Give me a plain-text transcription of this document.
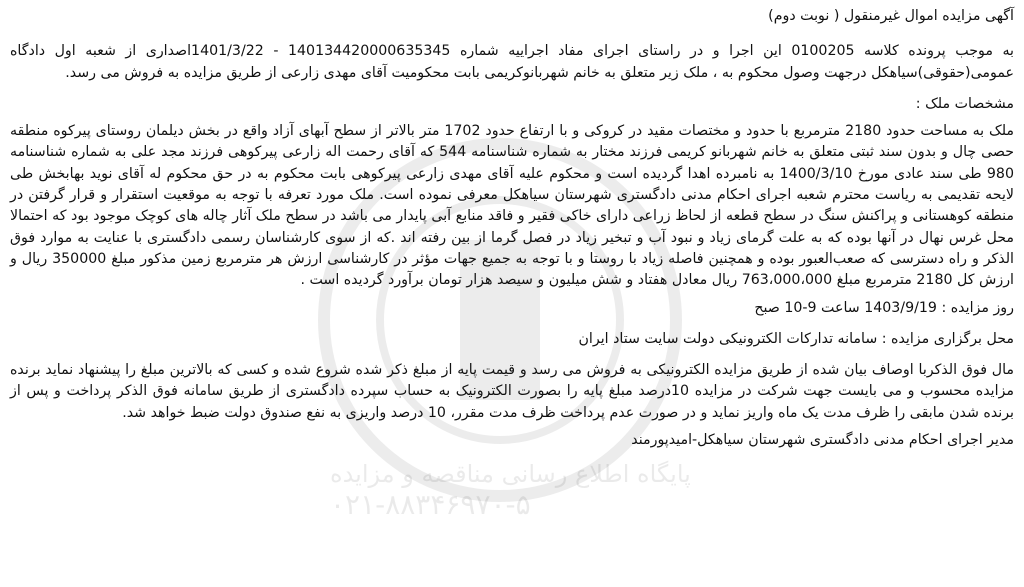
پایگاه اطلاع رسانی مناقصه و مزایده
۰۲۱-۸۸۳۴۶۹۷۰-۵

آگهی مزایده اموال غیرمنقول ( نوبت دوم)

به موجب پرونده کلاسه 0100205 این اجرا و در راستای اجرای مفاد اجراییه شماره 140134420000635345 - 1401/3/22اصداری از شعبه اول دادگاه عمومی(حقوقی)سیاهکل درجهت وصول محکوم به ، ملک زیر متعلق به خانم شهربانوکریمی بابت محکومیت آقای مهدی زارعی از طریق مزایده به فروش می رسد.

مشخصات ملک :

ملک به مساحت حدود 2180 مترمربع با حدود و مختصات مقید در کروکی و با ارتفاع حدود 1702 متر بالاتر از سطح آبهای آزاد واقع در بخش دیلمان روستای پیرکوه منطقه حصی چال و بدون سند ثبتی متعلق به خانم شهربانو کریمی فرزند مختار به شماره شناسنامه 544 که آقای رحمت اله زارعی پیرکوهی فرزند مجد علی به شماره شناسنامه 980 طی سند عادی مورخ 1400/3/10 به نامبرده اهدا گردیده است و محکوم علیه آقای مهدی زارعی پیرکوهی بابت محکوم به در حق محکوم له آقای نوید بهابخش طی لایحه تقدیمی به ریاست محترم شعبه اجرای احکام مدنی دادگستری شهرستان سیاهکل معرفی نموده است. ملک مورد تعرفه با توجه به موقعیت استقرار و قرار گرفتن در منطقه کوهستانی و پراکنش سنگ در سطح قطعه از لحاظ زراعی دارای خاکی فقیر و فاقد منابع آبی پایدار می باشد در سطح ملک آثار چاله های کوچک موجود بود که احتمالا محل غرس نهال در آنها بوده که به علت گرمای زیاد و نبود آب و تبخیر زیاد در فصل گرما از بین رفته اند .که از سوی کارشناسان رسمی دادگستری با عنایت به موارد فوق الذکر و راه دسترسی که صعب‌العبور بوده و همچنین فاصله زیاد با روستا و با توجه به جمیع جهات مؤثر در کارشناسی ارزش هر مترمربع زمین مذکور مبلغ 350000 ریال و ارزش کل 2180 مترمربع مبلغ 763،000،000 ریال معادل هفتاد و شش میلیون و سیصد هزار تومان برآورد گردیده است .

روز مزایده : 1403/9/19 ساعت 9-10 صبح

محل برگزاری مزایده : سامانه تدارکات الکترونیکی دولت سایت ستاد ایران

مال فوق الذکربا اوصاف بیان شده از طریق مزایده الکترونیکی به فروش می رسد و قیمت پایه از مبلغ ذکر شده شروع شده و کسی که بالاترین مبلغ را پیشنهاد نماید برنده مزایده محسوب و می بایست جهت شرکت در مزایده 10درصد مبلغ پایه را بصورت الکترونیک به حساب سپرده دادگستری از طریق سامانه فوق الذکر پرداخت و پس از برنده شدن مابقی را ظرف مدت یک ماه واریز نماید و در صورت عدم پرداخت ظرف مدت مقرر، 10 درصد واریزی به نفع صندوق دولت ضبط خواهد شد.

مدیر اجرای احکام مدنی دادگستری شهرستان سیاهکل-امیدپورمند
